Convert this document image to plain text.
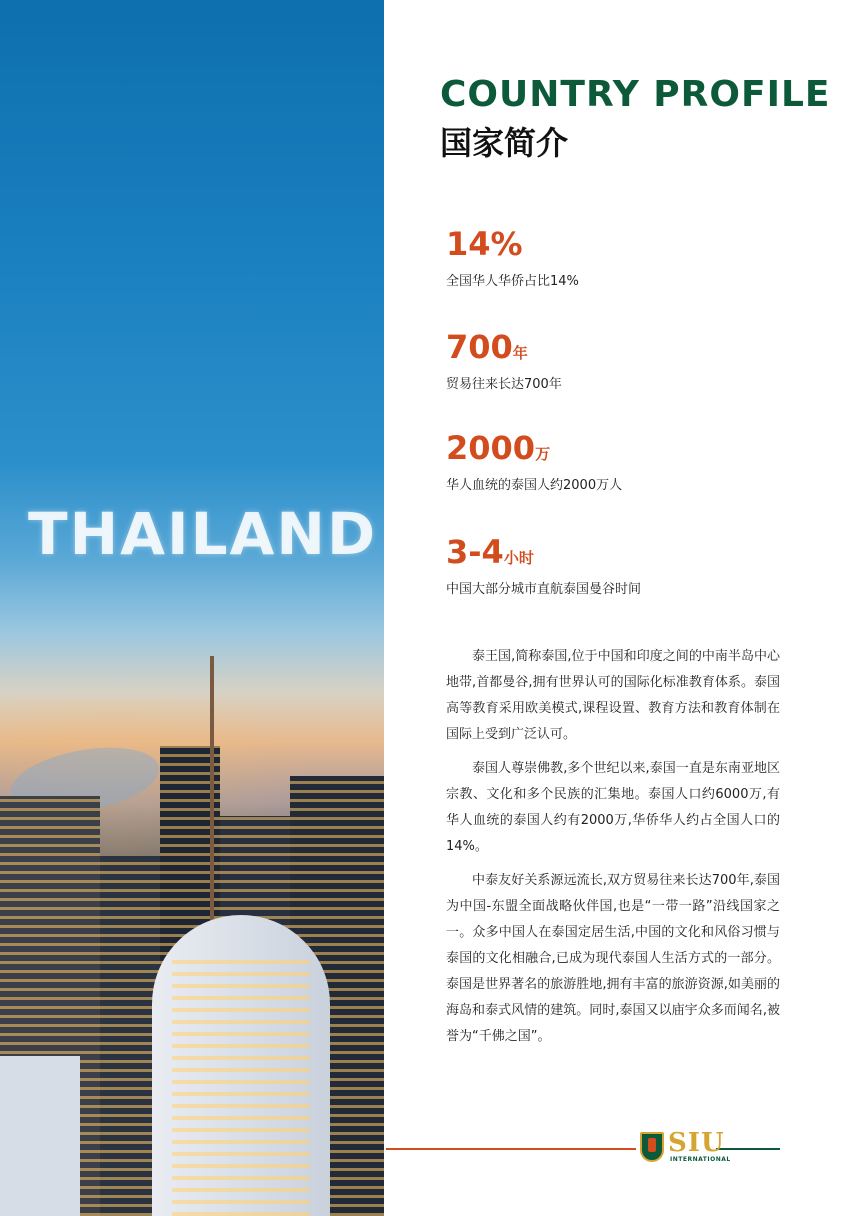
THAILAND
COUNTRY PROFILE
国家简介
14%
全国华人华侨占比14%
700年
贸易往来长达700年
2000万
华人血统的泰国人约2000万人
3-4小时
中国大部分城市直航泰国曼谷时间

泰王国,简称泰国,位于中国和印度之间的中南半岛中心地带,首都曼谷,拥有世界认可的国际化标准教育体系。泰国高等教育采用欧美模式,课程设置、教育方法和教育体制在国际上受到广泛认可。

泰国人尊崇佛教,多个世纪以来,泰国一直是东南亚地区宗教、文化和多个民族的汇集地。泰国人口约6000万,有华人血统的泰国人约有2000万,华侨华人约占全国人口的14%。

中泰友好关系源远流长,双方贸易往来长达700年,泰国为中国-东盟全面战略伙伴国,也是“一带一路”沿线国家之一。众多中国人在泰国定居生活,中国的文化和风俗习惯与泰国的文化相融合,已成为现代泰国人生活方式的一部分。泰国是世界著名的旅游胜地,拥有丰富的旅游资源,如美丽的海岛和泰式风情的建筑。同时,泰国又以庙宇众多而闻名,被誉为“千佛之国”。

SIU
INTERNATIONAL
